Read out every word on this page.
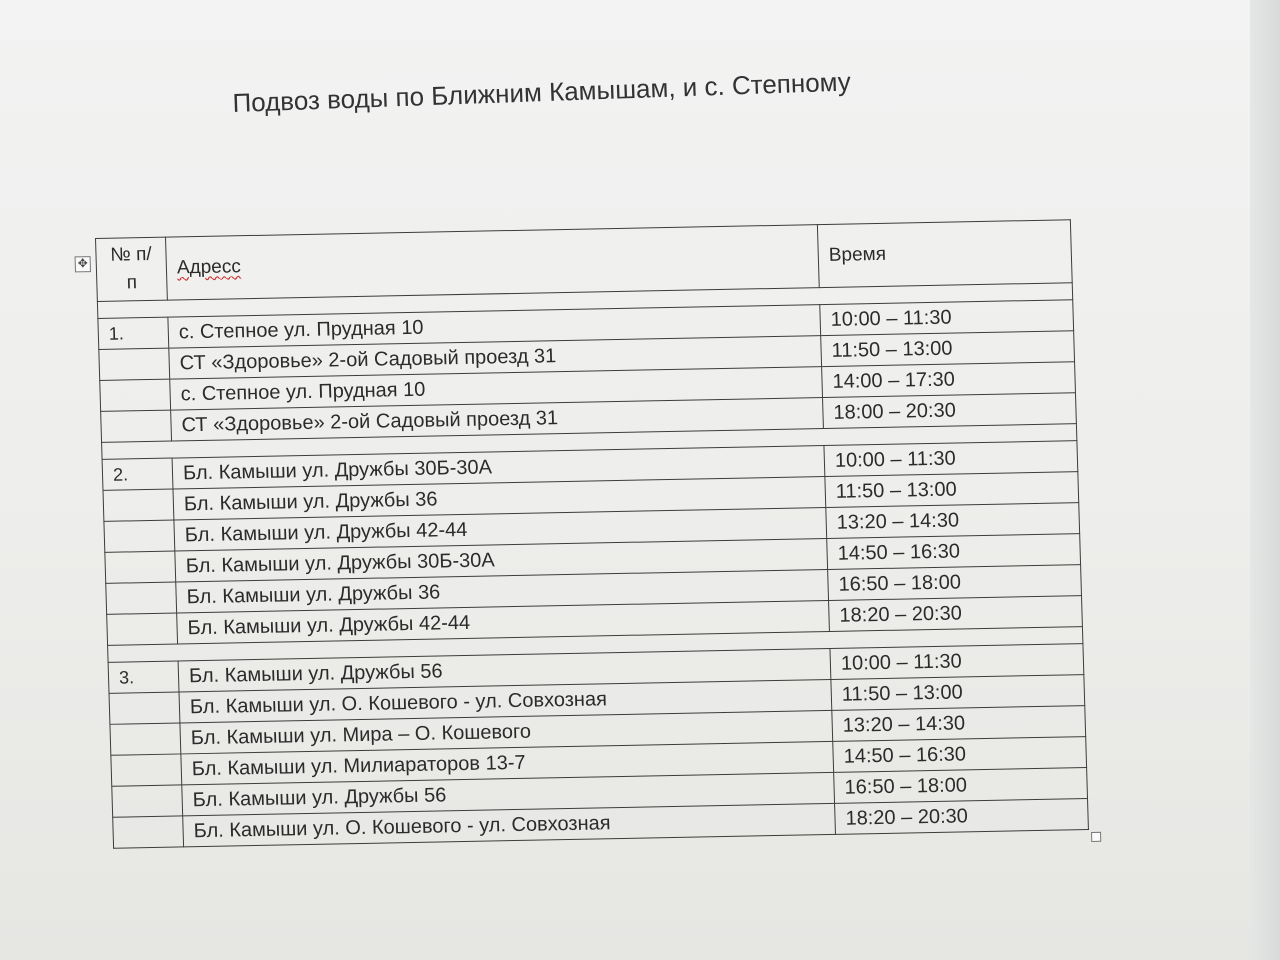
Подвоз воды по Ближним Камышам, и с. Степному
✥ № п/п	Адресс	Время

1.	с. Степное ул. Прудная 10	10:00 – 11:30
	СТ «Здоровье» 2-ой Садовый проезд 31	11:50 – 13:00
	с. Степное ул. Прудная 10	14:00 – 17:30
	СТ «Здоровье» 2-ой Садовый проезд 31	18:00 – 20:30

2.	Бл. Камыши ул. Дружбы 30Б-30А	10:00 – 11:30
	Бл. Камыши ул. Дружбы 36	11:50 – 13:00
	Бл. Камыши ул. Дружбы 42-44	13:20 – 14:30
	Бл. Камыши ул. Дружбы 30Б-30А	14:50 – 16:30
	Бл. Камыши ул. Дружбы 36	16:50 – 18:00
	Бл. Камыши ул. Дружбы 42-44	18:20 – 20:30

3.	Бл. Камыши ул. Дружбы 56	10:00 – 11:30
	Бл. Камыши ул. О. Кошевого - ул. Совхозная	11:50 – 13:00
	Бл. Камыши ул. Мира – О. Кошевого	13:20 – 14:30
	Бл. Камыши ул. Милиараторов 13-7	14:50 – 16:30
	Бл. Камыши ул. Дружбы 56	16:50 – 18:00
	Бл. Камыши ул. О. Кошевого - ул. Совхозная	18:20 – 20:30
